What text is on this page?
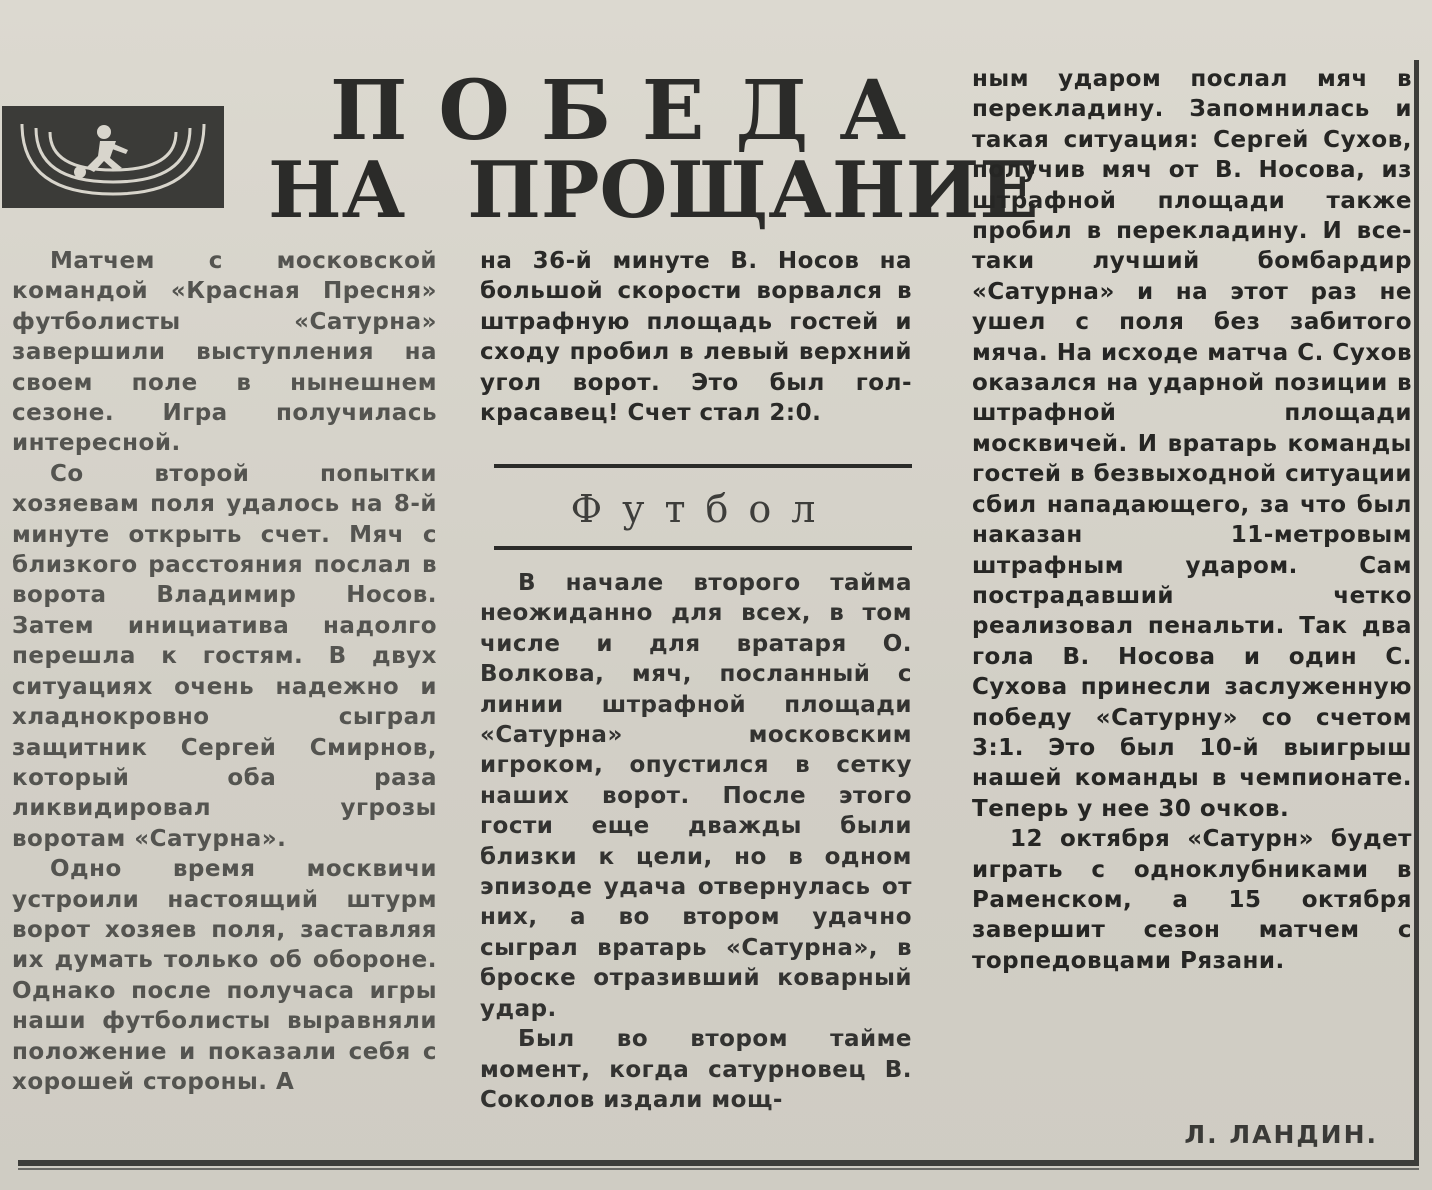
ПОБЕДА
НА ПРОЩАНИЕ

Матчем с московской командой «Красная Пресня» футболисты «Сатурна» завершили выступления на своем поле в нынешнем сезоне. Игра получилась интересной.

Со второй попытки хозяевам поля удалось на 8-й минуте открыть счет. Мяч с близкого расстояния послал в ворота Владимир Носов. Затем инициатива надолго перешла к гостям. В двух ситуациях очень надежно и хладнокровно сыграл защитник Сергей Смирнов, который оба раза ликвидировал угрозы воротам «Сатурна».

Одно время москвичи устроили настоящий штурм ворот хозяев поля, заставляя их думать только об обороне. Однако после получаса игры наши футболисты выравняли положение и показали себя с хорошей стороны. А

на 36-й минуте В. Носов на большой скорости ворвался в штрафную площадь гостей и сходу пробил в левый верхний угол ворот. Это был гол-красавец! Счет стал 2:0.

Футбол

В начале второго тайма неожиданно для всех, в том числе и для вратаря О. Волкова, мяч, посланный с линии штрафной площади «Сатурна» московским игроком, опустился в сетку наших ворот. После этого гости еще дважды были близки к цели, но в одном эпизоде удача отвернулась от них, а во втором удачно сыграл вратарь «Сатурна», в броске отразивший коварный удар.

Был во втором тайме момент, когда сатурновец В. Соколов издали мощ-

ным ударом послал мяч в перекладину. Запомнилась и такая ситуация: Сергей Сухов, получив мяч от В. Носова, из штрафной площади также пробил в перекладину. И все-таки лучший бомбардир «Сатурна» и на этот раз не ушел с поля без забитого мяча. На исходе матча С. Сухов оказался на ударной позиции в штрафной площади москвичей. И вратарь команды гостей в безвыходной ситуации сбил нападающего, за что был наказан 11-метровым штрафным ударом. Сам пострадавший четко реализовал пенальти. Так два гола В. Носова и один С. Сухова принесли заслуженную победу «Сатурну» со счетом 3:1. Это был 10-й выигрыш нашей команды в чемпионате. Теперь у нее 30 очков.

12 октября «Сатурн» будет играть с одноклубниками в Раменском, а 15 октября завершит сезон матчем с торпедовцами Рязани.

Л. ЛАНДИН.
